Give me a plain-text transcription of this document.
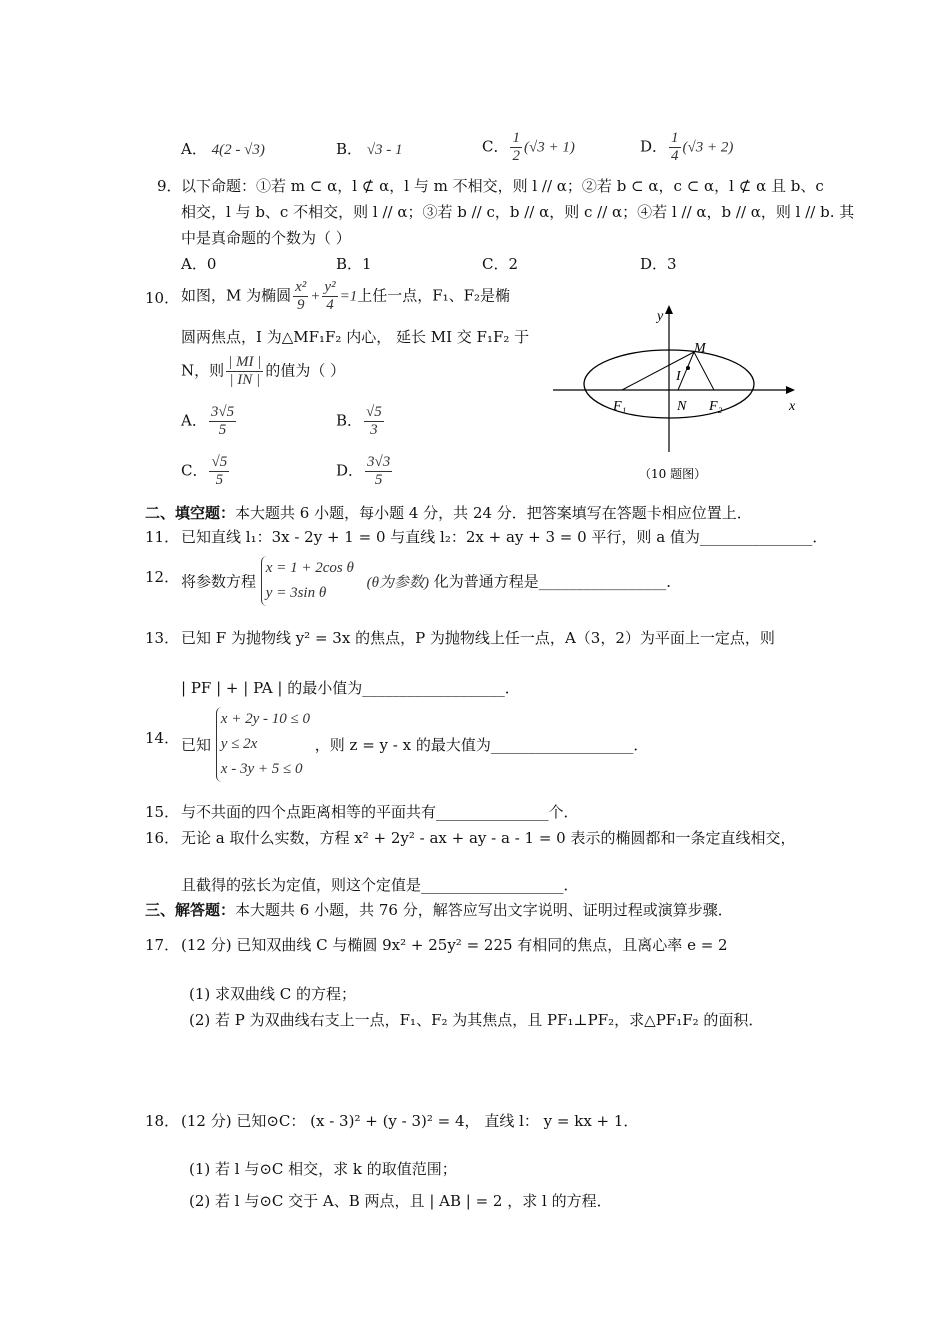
A． 4(2 - √3)	B． √3 - 1	C． $\frac{1}{2} (√3 + 1)$	D． $\frac{1}{4} (√3 + 2)$
9． 以下命题：①若 m ⊂ α，l ⊄ α，l 与 m 不相交，则 l // α；②若 b ⊂ α，c ⊂ α，l ⊄ α 且 b、c
相交，l 与 b、c 不相交，则 l // α；③若 b // c，b // α，则 c // α；④若 l // α，b // α，则 l // b. 其
中是真命题的个数为（ ）
A．0	B．1	C．2	D．3
10． 如图，M 为椭圆 $\frac{\text{x²}}{9} + \frac{\text{y²}}{4} =1$上任一点，F₁、F₂是椭
圆两焦点，I 为△MF₁F₂ 内心， 延长 MI 交 F₁F₂ 于
N，则 $\frac{| MI |}{| IN |}$ 的值为（ ）
A． $\frac{3√5}{5}$	B． $\frac{√5}{3}$
C． $\frac{√5}{5}$	D． $\frac{3√3}{5}$
y
x
M
I
N
F₁	F₂
（10 题图）
二、填空题：本大题共 6 小题，每小题 4 分，共 24 分．把答案填写在答题卡相应位置上．
11． 已知直线 l₁：3x - 2y + 1 = 0 与直线 l₂：2x + ay + 3 = 0 平行，则 a 值为_______________．
12． 将参数方程
x = 1 + 2cos θ
y = 3sin θ
(θ为参数) 化为普通方程是_________________．
13． 已知 F 为抛物线 y² = 3x 的焦点，P 为抛物线上任一点，A（3，2）为平面上一定点，则
| PF | + | PA | 的最小值为___________________．
14． 已知
x + 2y - 10 ≤ 0
y ≤ 2x
x - 3y + 5 ≤ 0
，则 z = y - x 的最大值为___________________．
15． 与不共面的四个点距离相等的平面共有_______________个．
16． 无论 a 取什么实数，方程 x² + 2y² - ax + ay - a - 1 = 0 表示的椭圆都和一条定直线相交，
且截得的弦长为定值，则这个定值是___________________．
三、解答题：本大题共 6 小题，共 76 分，解答应写出文字说明、证明过程或演算步骤．
17． (12 分) 已知双曲线 C 与椭圆 9x² + 25y² = 225 有相同的焦点，且离心率 e = 2
(1) 求双曲线 C 的方程；
(2) 若 P 为双曲线右支上一点，F₁、F₂ 为其焦点，且 PF₁⊥PF₂，求△PF₁F₂ 的面积．
18． (12 分) 已知⊙C： (x - 3)² + (y - 3)² = 4， 直线 l： y = kx + 1．
(1) 若 l 与⊙C 相交，求 k 的取值范围；
(2) 若 l 与⊙C 交于 A、B 两点，且 | AB | = 2 ，求 l 的方程．
